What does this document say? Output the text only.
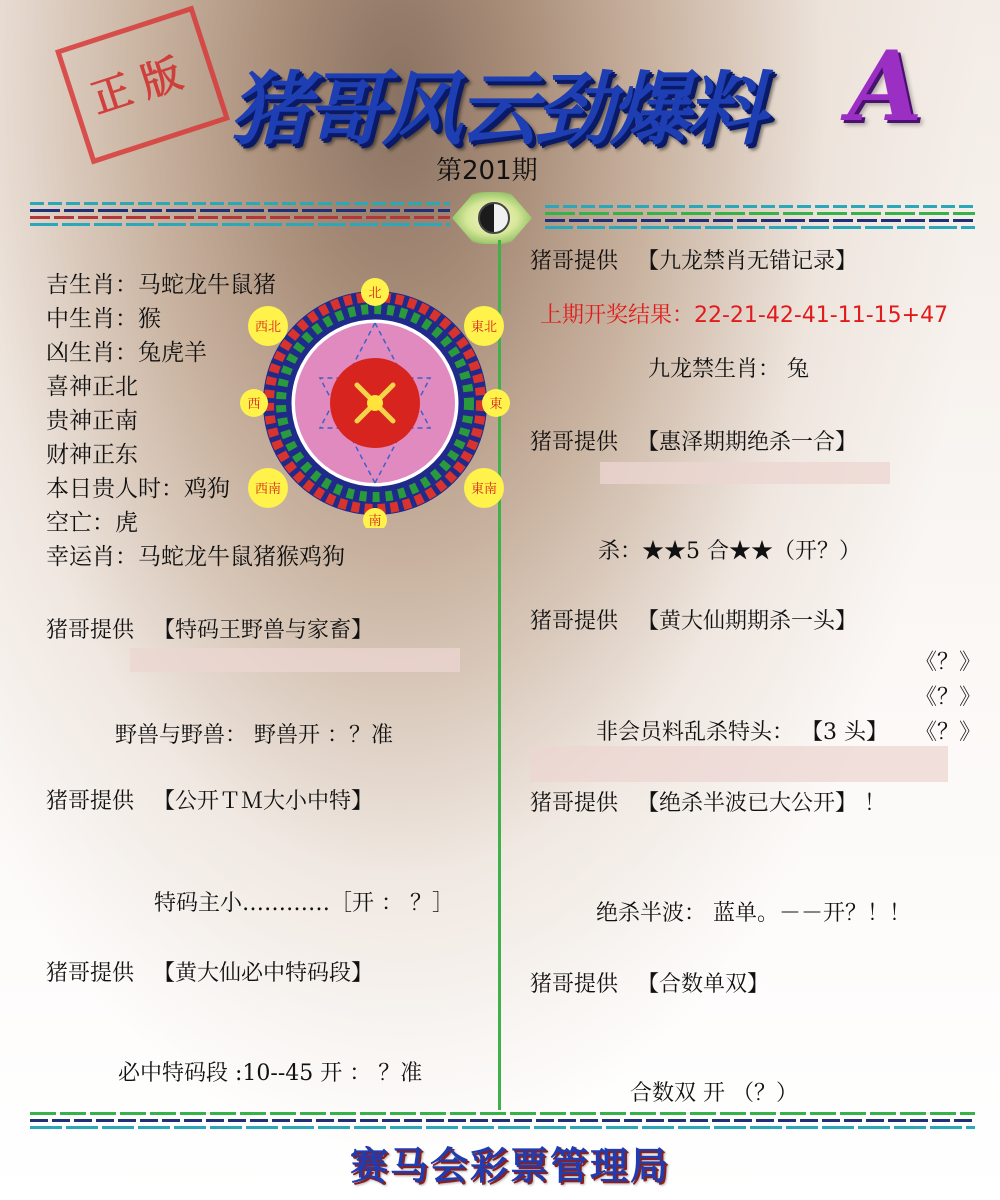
正版 猪哥风云劲爆料 A
第201期
吉生肖：马蛇龙牛鼠猪
中生肖：猴
凶生肖：兔虎羊
喜神正北
贵神正南
财神正东
本日贵人时：鸡狗
空亡：虎
幸运肖：马蛇龙牛鼠猪猴鸡狗
北
西北	東北
西	東
西南	東南
南
猪哥提供 【特码王野兽与家畜】
野兽与野兽： 野兽开 ：？准
猪哥提供 【公开ＴＭ大小中特】
特码主小…………［开 ： ？］
猪哥提供 【黄大仙必中特码段】
必中特码段 :10--45 开 ： ？准
猪哥提供 【九龙禁肖无错记录】
上期开奖结果：22-21-42-41-11-15+47
九龙禁生肖： 兔
猪哥提供 【惠泽期期绝杀一合】
杀：★★5 合★★（开？）
猪哥提供 【黄大仙期期杀一头】
《？》
《？》
《？》
非会员料乱杀特头： 【3 头】
猪哥提供 【绝杀半波已大公开】 ！
绝杀半波： 蓝单。－－开？！！
猪哥提供 【合数单双】
合数双 开 （？）
赛马会彩票管理局
